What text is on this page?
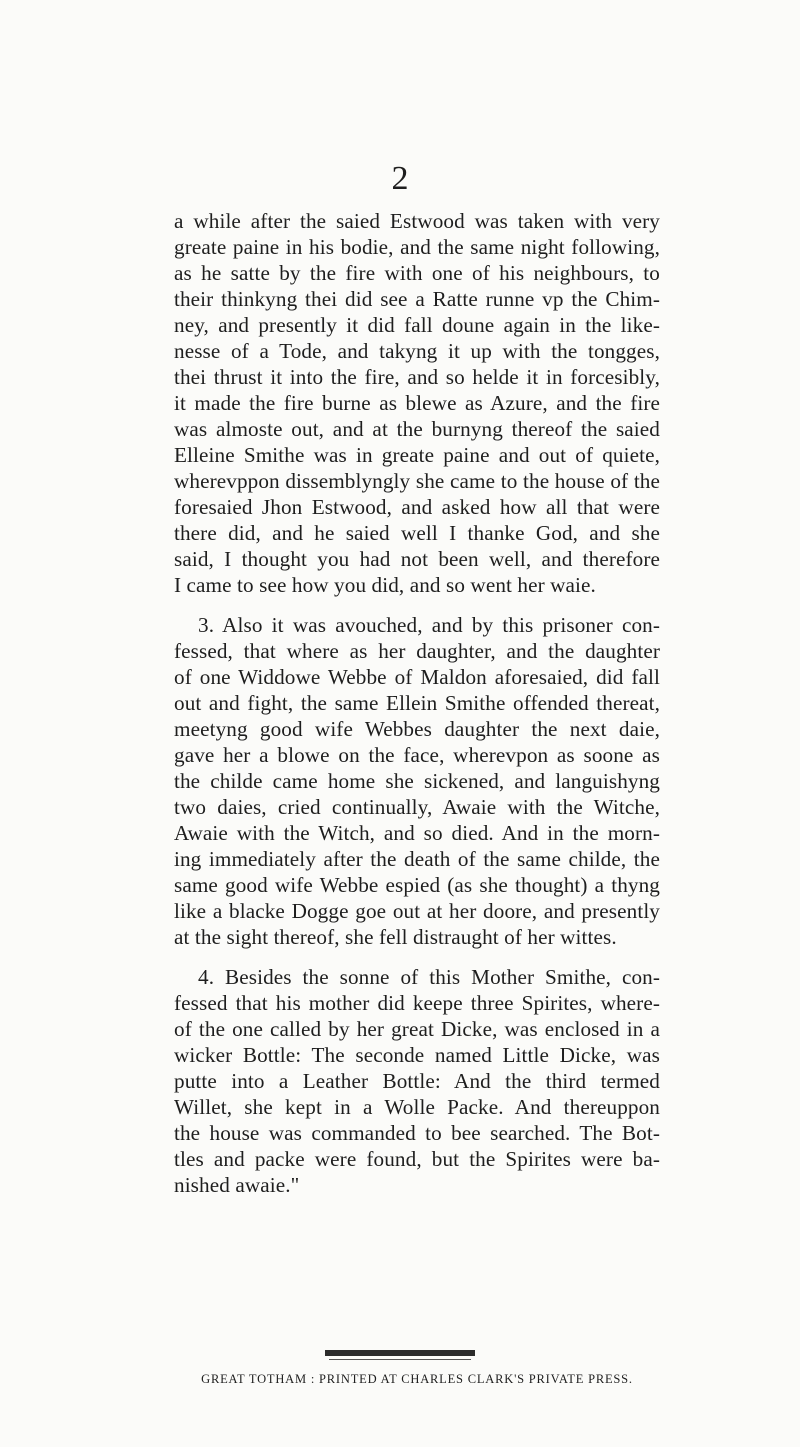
2
a while after the saied Estwood was taken with very
greate paine in his bodie, and the same night following,
as he satte by the fire with one of his neighbours, to
their thinkyng thei did see a Ratte runne vp the Chim-
ney, and presently it did fall doune again in the like-
nesse of a Tode, and takyng it up with the tongges,
thei thrust it into the fire, and so helde it in forcesibly,
it made the fire burne as blewe as Azure, and the fire
was almoste out, and at the burnyng thereof the saied
Elleine Smithe was in greate paine and out of quiete,
wherevppon dissemblyngly she came to the house of the
foresaied Jhon Estwood, and asked how all that were
there did, and he saied well I thanke God, and she
said, I thought you had not been well, and therefore
I came to see how you did, and so went her waie.
3. Also it was avouched, and by this prisoner con-
fessed, that where as her daughter, and the daughter
of one Widdowe Webbe of Maldon aforesaied, did fall
out and fight, the same Ellein Smithe offended thereat,
meetyng good wife Webbes daughter the next daie,
gave her a blowe on the face, wherevpon as soone as
the childe came home she sickened, and languishyng
two daies, cried continually, Awaie with the Witche,
Awaie with the Witch, and so died. And in the morn-
ing immediately after the death of the same childe, the
same good wife Webbe espied (as she thought) a thyng
like a blacke Dogge goe out at her doore, and presently
at the sight thereof, she fell distraught of her wittes.
4. Besides the sonne of this Mother Smithe, con-
fessed that his mother did keepe three Spirites, where-
of the one called by her great Dicke, was enclosed in a
wicker Bottle: The seconde named Little Dicke, was
putte into a Leather Bottle: And the third termed
Willet, she kept in a Wolle Packe. And thereuppon
the house was commanded to bee searched. The Bot-
tles and packe were found, but the Spirites were ba-
nished awaie."
GREAT TOTHAM : PRINTED AT CHARLES CLARK'S PRIVATE PRESS.
